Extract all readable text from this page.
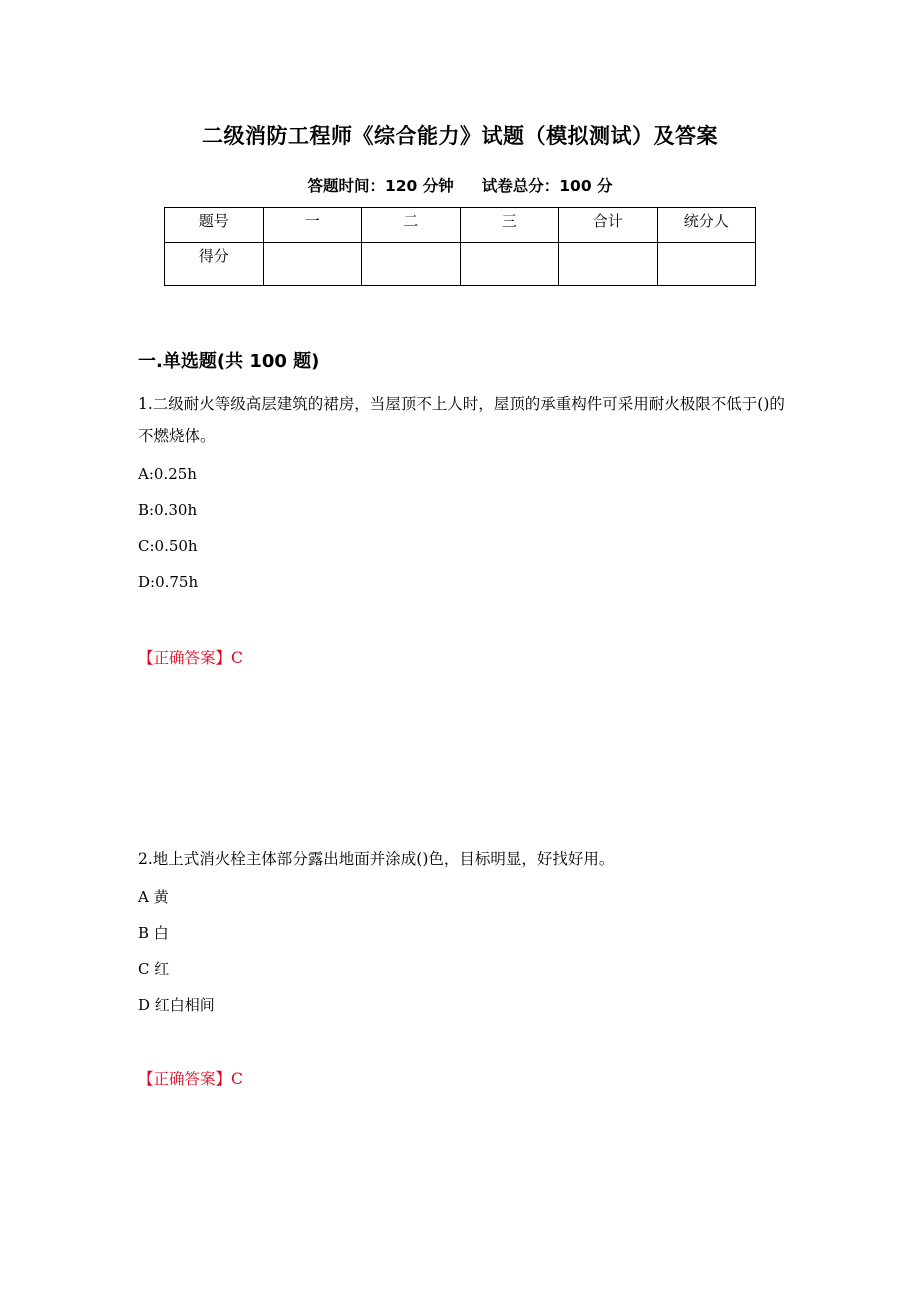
二级消防工程师《综合能力》试题（模拟测试）及答案
答题时间：120 分钟 试卷总分：100 分
题号	一	二	三	合计	统分人
得分					
一.单选题(共 100 题)
1.二级耐火等级高层建筑的裙房，当屋顶不上人时，屋顶的承重构件可采用耐火极限不低于()的不燃烧体。
A:0.25h
B:0.30h
C:0.50h
D:0.75h
【正确答案】C
2.地上式消火栓主体部分露出地面并涂成()色，目标明显，好找好用。
A 黄
B 白
C 红
D 红白相间
【正确答案】C
